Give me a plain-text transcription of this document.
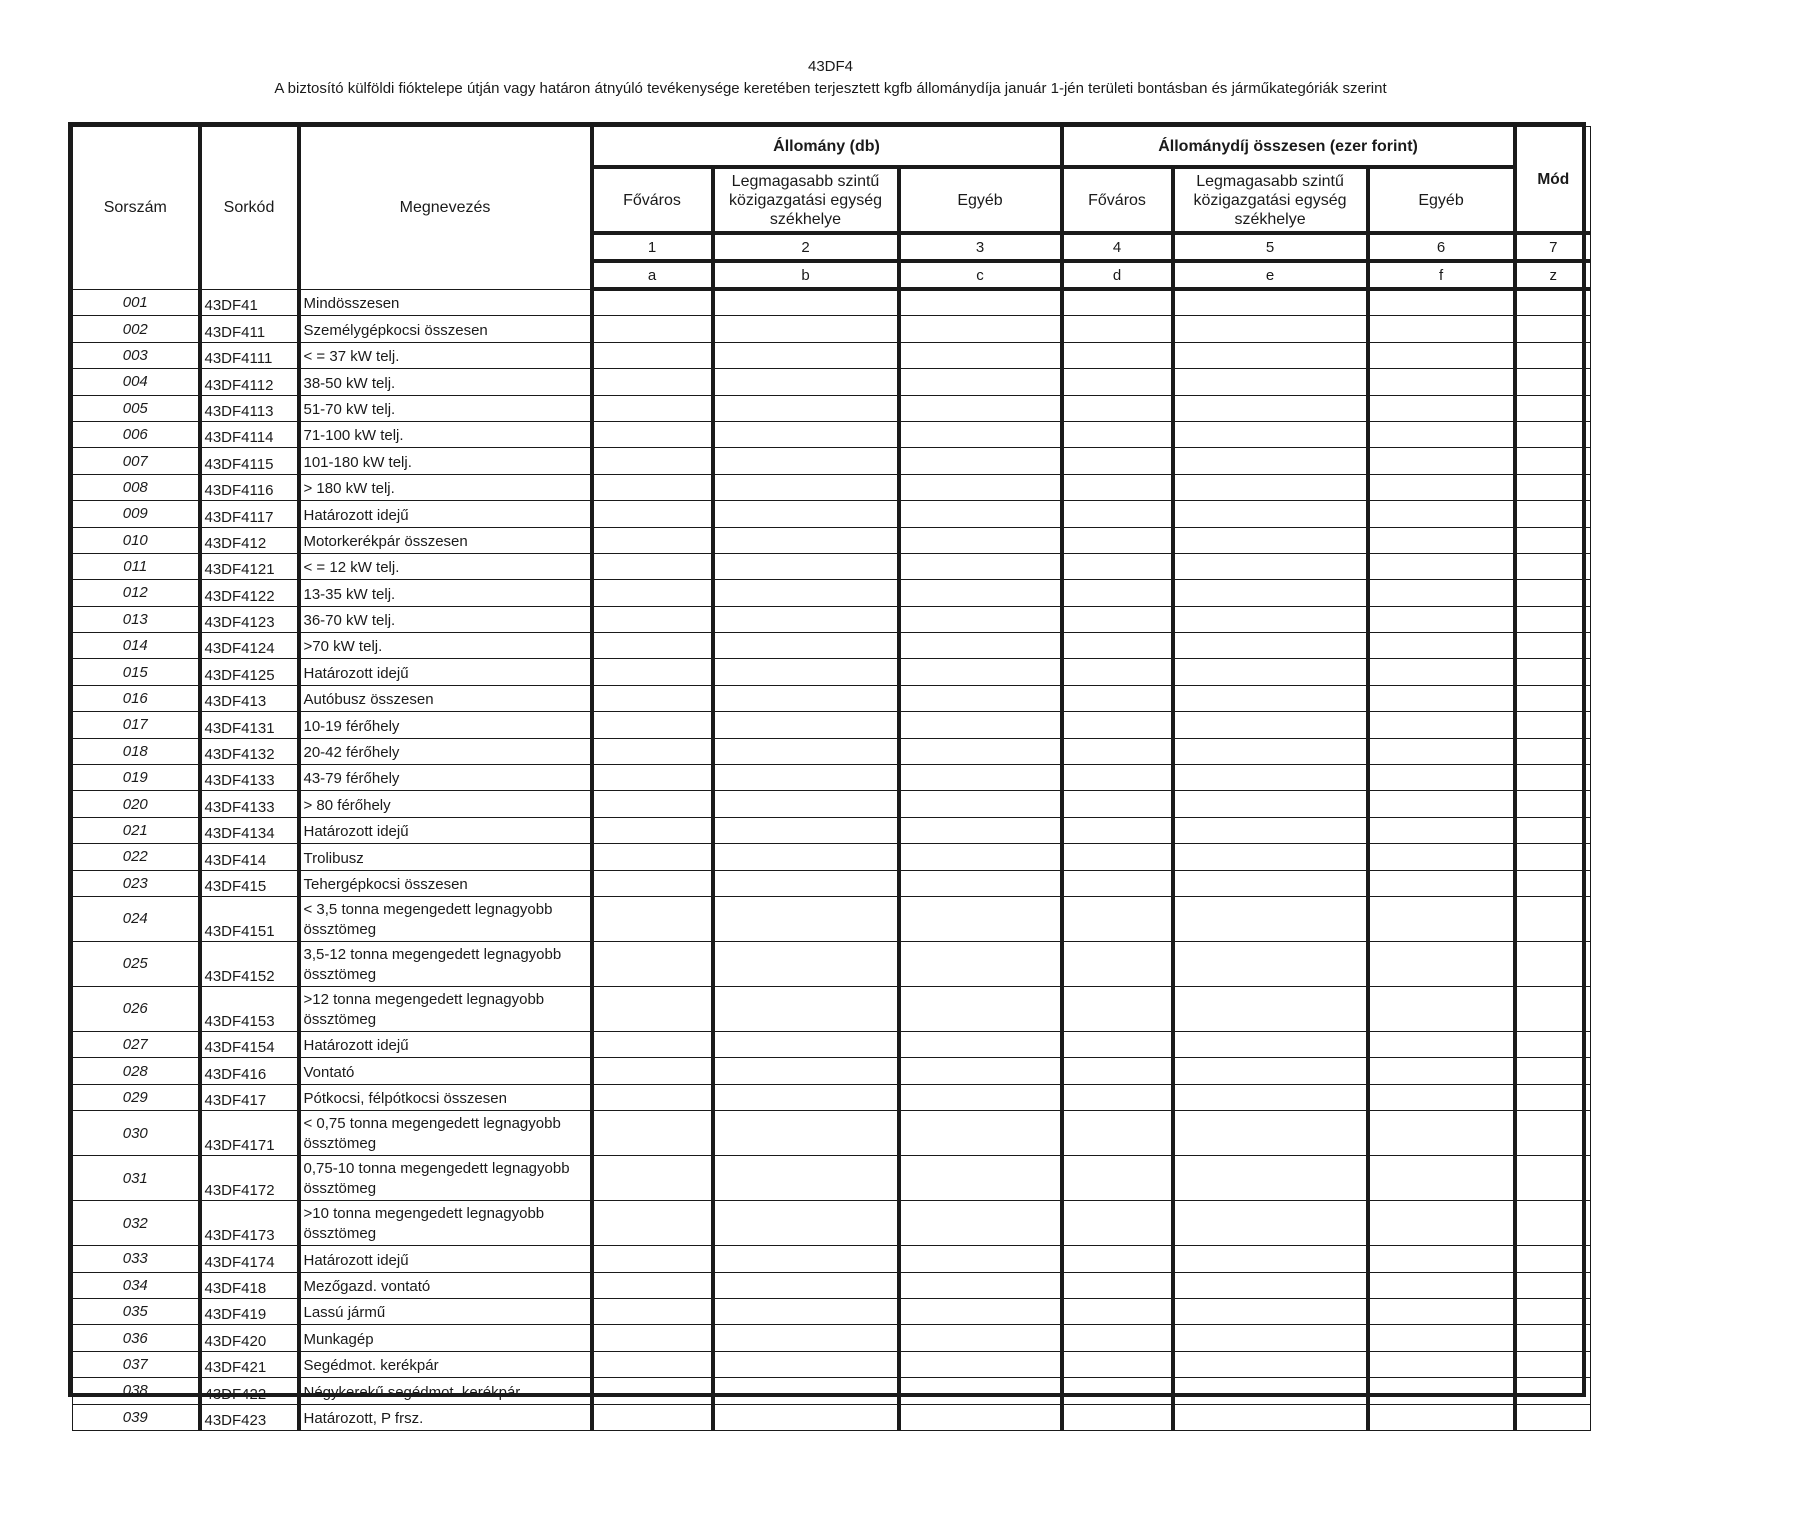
43DF4
A biztosító külföldi fióktelepe útján vagy határon átnyúló tevékenysége keretében terjesztett kgfb állománydíja január 1-jén területi bontásban és járműkategóriák szerint
Sorszám	Sorkód	Megnevezés	Állomány (db)			Állománydíj összesen (ezer forint)			Mód
			Főváros	Legmagasabb szintű közigazgatási egység székhelye	Egyéb	Főváros	Legmagasabb szintű közigazgatási egység székhelye	Egyéb	
			1	2	3	4	5	6	7
			a	b	c	d	e	f	z
001	43DF41	Mindösszesen							
002	43DF411	Személygépkocsi összesen							
003	43DF4111	< = 37 kW telj.							
004	43DF4112	38-50 kW telj.							
005	43DF4113	51-70 kW telj.							
006	43DF4114	71-100 kW telj.							
007	43DF4115	101-180 kW telj.							
008	43DF4116	> 180 kW telj.							
009	43DF4117	Határozott idejű							
010	43DF412	Motorkerékpár összesen							
011	43DF4121	< = 12 kW telj.							
012	43DF4122	13-35 kW telj.							
013	43DF4123	36-70 kW telj.							
014	43DF4124	>70 kW telj.							
015	43DF4125	Határozott idejű							
016	43DF413	Autóbusz összesen							
017	43DF4131	10-19 férőhely							
018	43DF4132	20-42 férőhely							
019	43DF4133	43-79 férőhely							
020	43DF4133	> 80 férőhely							
021	43DF4134	Határozott idejű							
022	43DF414	Trolibusz							
023	43DF415	Tehergépkocsi összesen							
024	43DF4151	< 3,5 tonna megengedett legnagyobb össztömeg							
025	43DF4152	3,5-12 tonna megengedett legnagyobb össztömeg							
026	43DF4153	>12 tonna megengedett legnagyobb össztömeg							
027	43DF4154	Határozott idejű							
028	43DF416	Vontató							
029	43DF417	Pótkocsi, félpótkocsi összesen							
030	43DF4171	< 0,75 tonna megengedett legnagyobb össztömeg							
031	43DF4172	0,75-10 tonna megengedett legnagyobb össztömeg							
032	43DF4173	>10 tonna megengedett legnagyobb össztömeg							
033	43DF4174	Határozott idejű							
034	43DF418	Mezőgazd. vontató							
035	43DF419	Lassú jármű							
036	43DF420	Munkagép							
037	43DF421	Segédmot. kerékpár							
038	43DF422	Négykerekű segédmot. kerékpár							
039	43DF423	Határozott, P frsz.							
